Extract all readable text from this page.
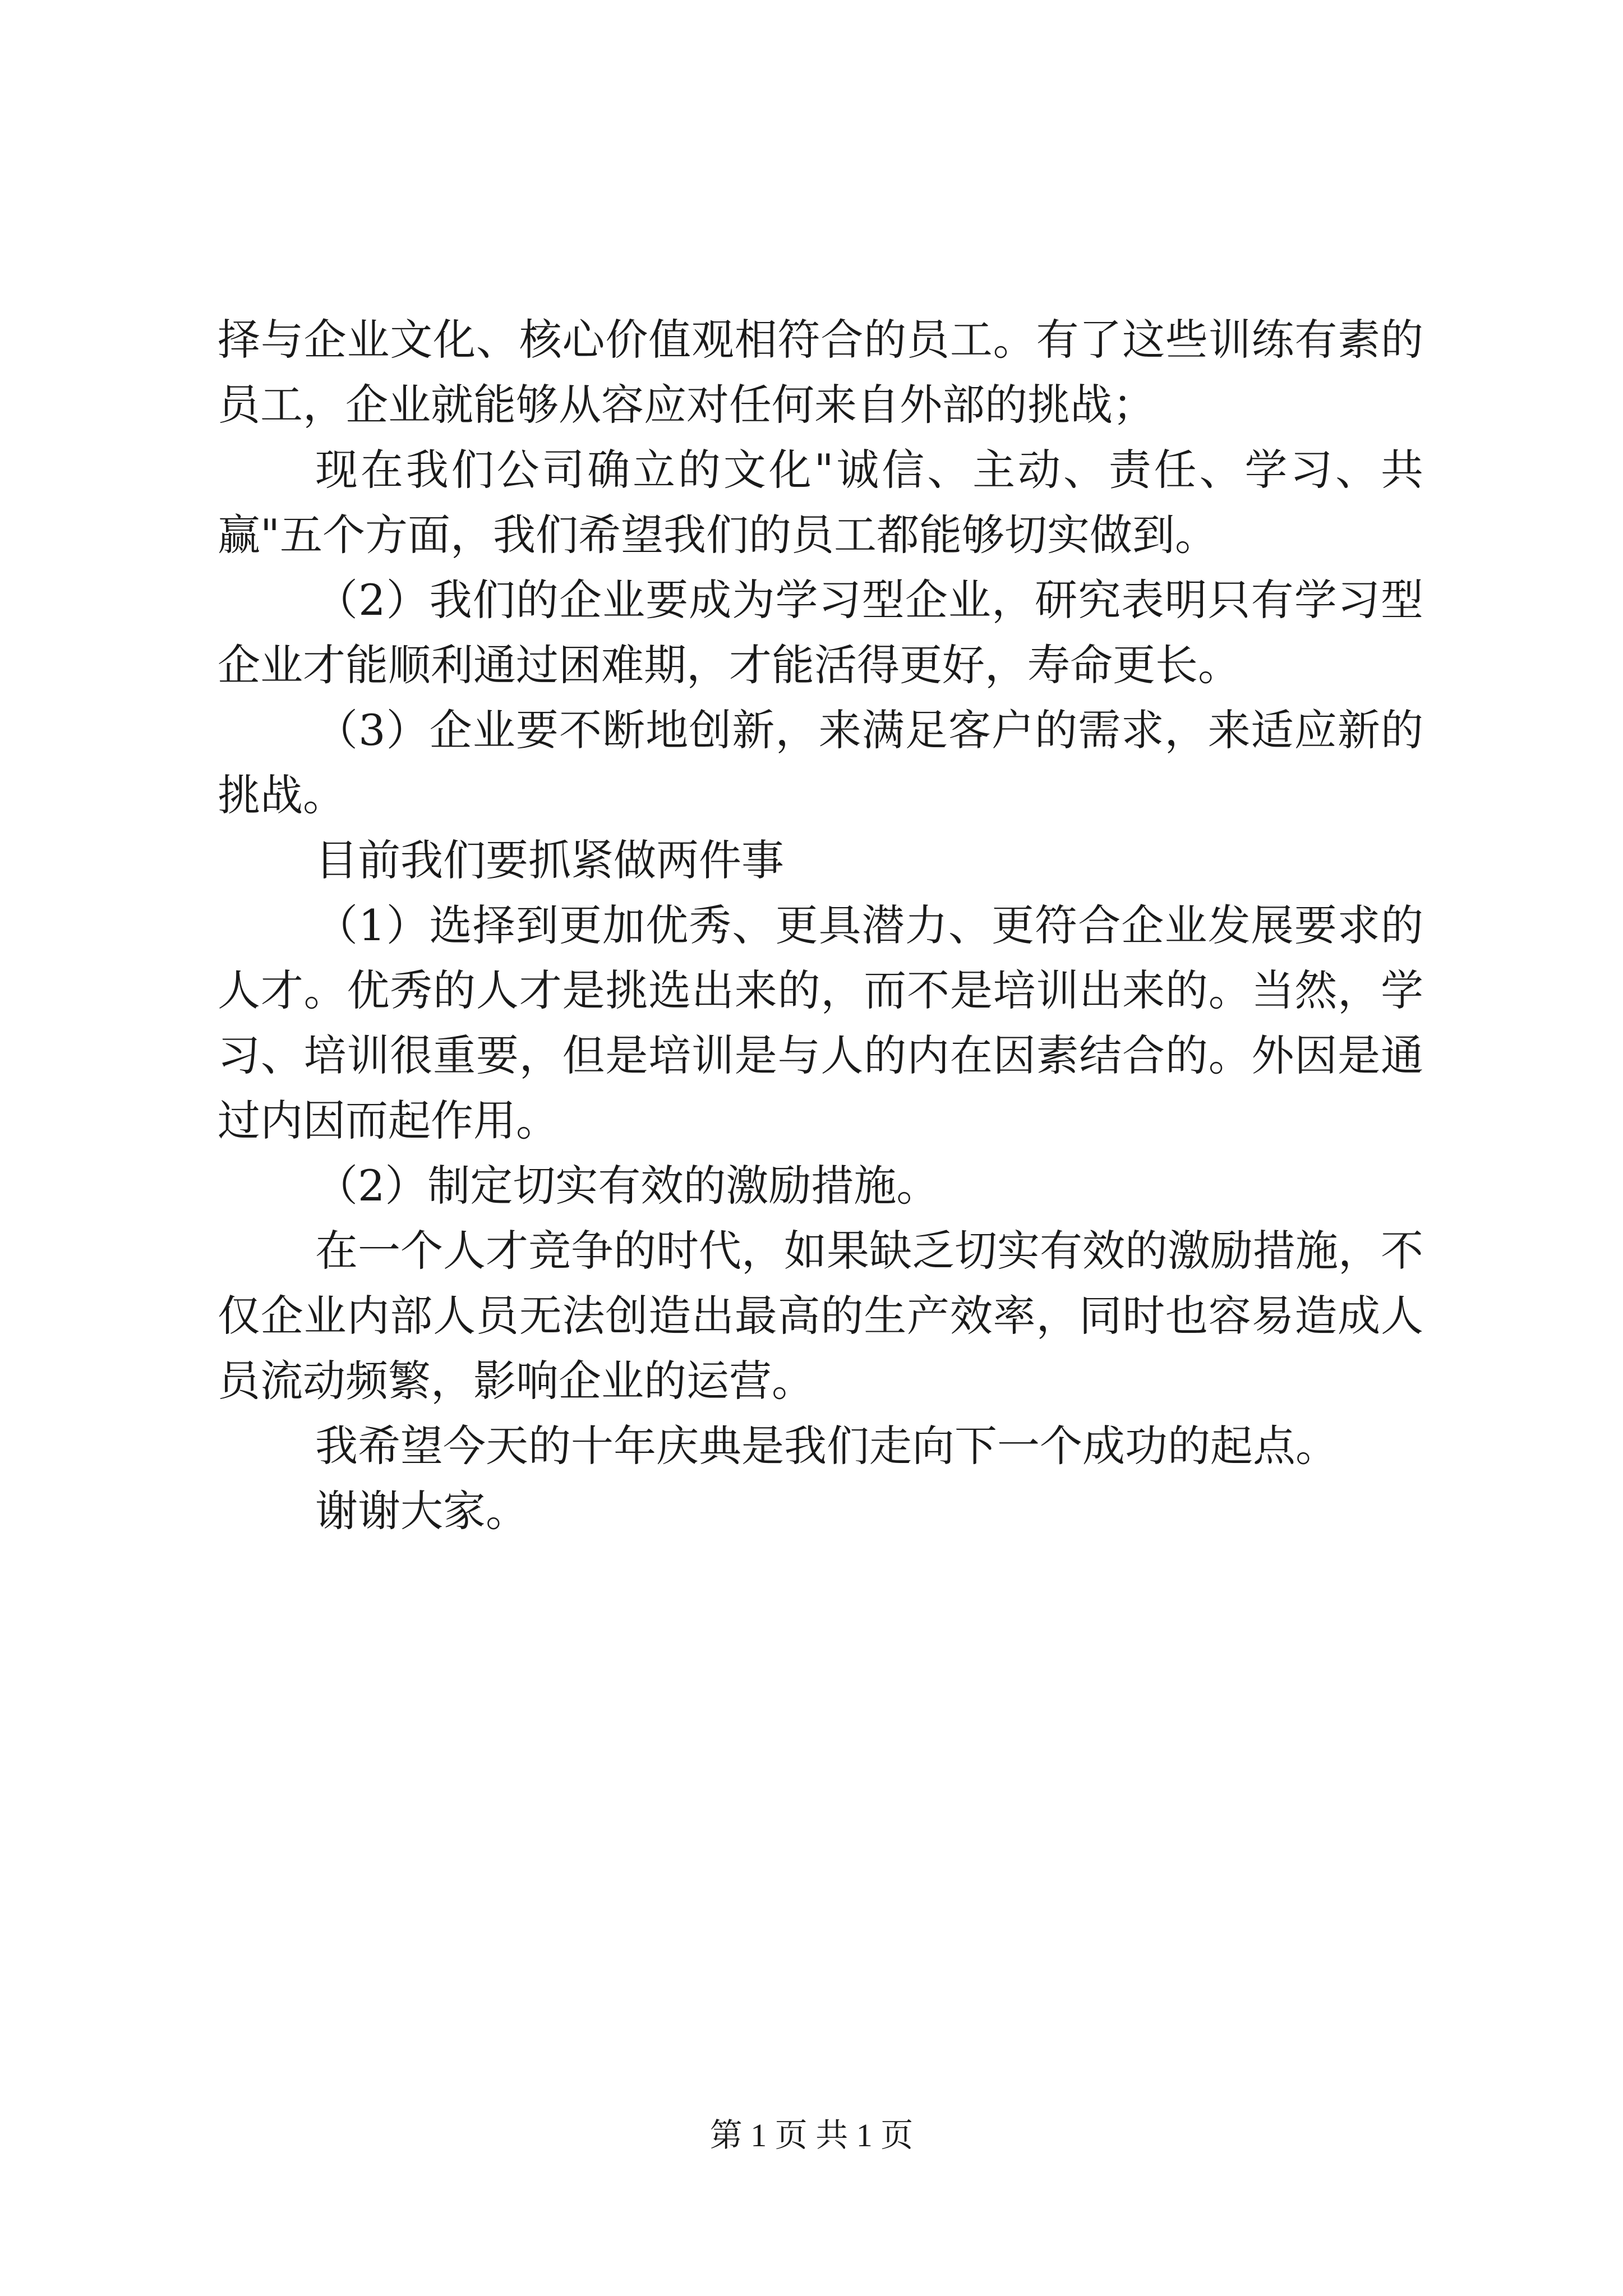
择与企业文化、核心价值观相符合的员工。有了这些训练有素的员工，企业就能够从容应对任何来自外部的挑战；

现在我们公司确立的文化"诚信、主动、责任、学习、共赢"五个方面，我们希望我们的员工都能够切实做到。

（2）我们的企业要成为学习型企业，研究表明只有学习型企业才能顺利通过困难期，才能活得更好，寿命更长。

（3）企业要不断地创新，来满足客户的需求，来适应新的挑战。

目前我们要抓紧做两件事

（1）选择到更加优秀、更具潜力、更符合企业发展要求的人才。优秀的人才是挑选出来的，而不是培训出来的。当然，学习、培训很重要，但是培训是与人的内在因素结合的。外因是通过内因而起作用。

（2）制定切实有效的激励措施。

在一个人才竞争的时代，如果缺乏切实有效的激励措施，不仅企业内部人员无法创造出最高的生产效率，同时也容易造成人员流动频繁，影响企业的运营。

我希望今天的十年庆典是我们走向下一个成功的起点。

谢谢大家。

第 1 页 共 1 页
